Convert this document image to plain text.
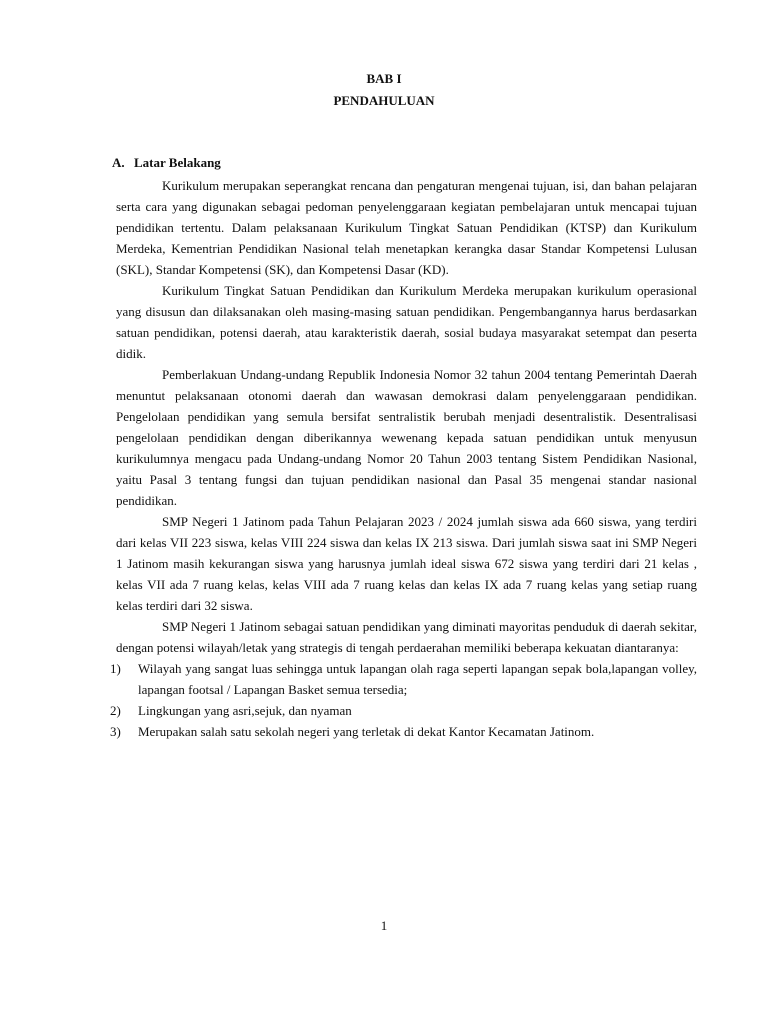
BAB I
PENDAHULUAN
A. Latar Belakang

Kurikulum merupakan seperangkat rencana dan pengaturan mengenai tujuan, isi, dan bahan pelajaran serta cara yang digunakan sebagai pedoman penyelenggaraan kegiatan pembelajaran untuk mencapai tujuan pendidikan tertentu. Dalam pelaksanaan Kurikulum Tingkat Satuan Pendidikan (KTSP) dan Kurikulum Merdeka, Kementrian Pendidikan Nasional telah menetapkan kerangka dasar Standar Kompetensi Lulusan (SKL), Standar Kompetensi (SK), dan Kompetensi Dasar (KD).

Kurikulum Tingkat Satuan Pendidikan dan Kurikulum Merdeka merupakan kurikulum operasional yang disusun dan dilaksanakan oleh masing-masing satuan pendidikan. Pengembangannya harus berdasarkan satuan pendidikan, potensi daerah, atau karakteristik daerah, sosial budaya masyarakat setempat dan peserta didik.

Pemberlakuan Undang-undang Republik Indonesia Nomor 32 tahun 2004 tentang Pemerintah Daerah menuntut pelaksanaan otonomi daerah dan wawasan demokrasi dalam penyelenggaraan pendidikan. Pengelolaan pendidikan yang semula bersifat sentralistik berubah menjadi desentralistik. Desentralisasi pengelolaan pendidikan dengan diberikannya wewenang kepada satuan pendidikan untuk menyusun kurikulumnya mengacu pada Undang-undang Nomor 20 Tahun 2003 tentang Sistem Pendidikan Nasional, yaitu Pasal 3 tentang fungsi dan tujuan pendidikan nasional dan Pasal 35 mengenai standar nasional pendidikan.

SMP Negeri 1 Jatinom pada Tahun Pelajaran 2023 / 2024 jumlah siswa ada 660 siswa, yang terdiri dari kelas VII 223 siswa, kelas VIII 224 siswa dan kelas IX 213 siswa. Dari jumlah siswa saat ini SMP Negeri 1 Jatinom masih kekurangan siswa yang harusnya jumlah ideal siswa 672 siswa yang terdiri dari 21 kelas , kelas VII ada 7 ruang kelas, kelas VIII ada 7 ruang kelas dan kelas IX ada 7 ruang kelas yang setiap ruang kelas terdiri dari 32 siswa.

SMP Negeri 1 Jatinom sebagai satuan pendidikan yang diminati mayoritas penduduk di daerah sekitar, dengan potensi wilayah/letak yang strategis di tengah perdaerahan memiliki beberapa kekuatan diantaranya:

1) Wilayah yang sangat luas sehingga untuk lapangan olah raga seperti lapangan sepak bola,lapangan volley, lapangan footsal / Lapangan Basket semua tersedia;
2) Lingkungan yang asri,sejuk, dan nyaman
3) Merupakan salah satu sekolah negeri yang terletak di dekat Kantor Kecamatan Jatinom.
1
